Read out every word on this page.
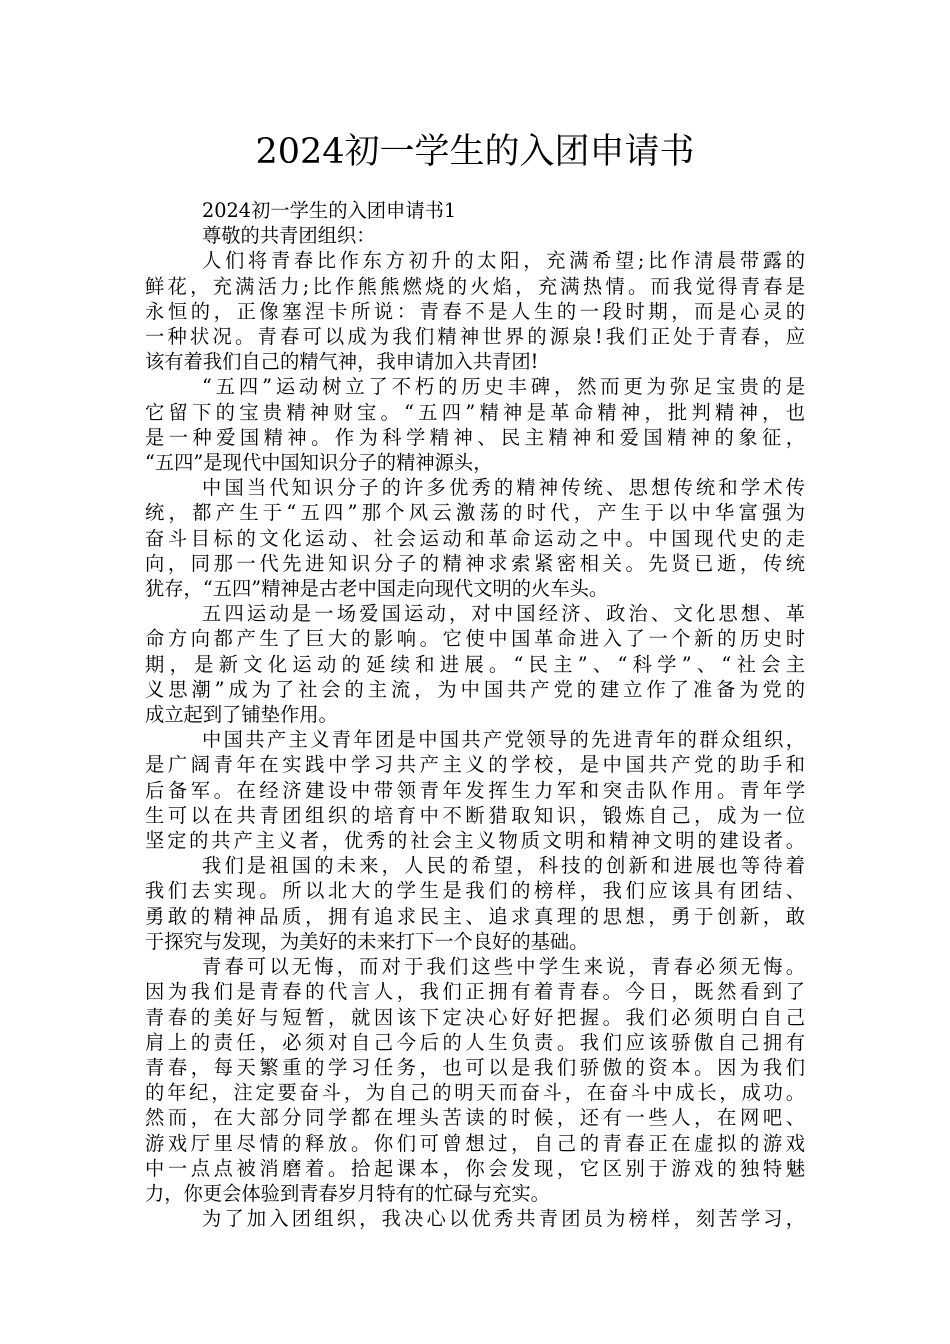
2024初一学生的入团申请书
2024初一学生的入团申请书1
尊敬的共青团组织：
人们将青春比作东方初升的太阳，充满希望;比作清晨带露的
鲜花，充满活力;比作熊熊燃烧的火焰，充满热情。而我觉得青春是
永恒的，正像塞涅卡所说：青春不是人生的一段时期，而是心灵的
一种状况。青春可以成为我们精神世界的源泉!我们正处于青春，应
该有着我们自己的精气神，我申请加入共青团!
“五四”运动树立了不朽的历史丰碑，然而更为弥足宝贵的是
它留下的宝贵精神财宝。“五四”精神是革命精神，批判精神，也
是一种爱国精神。作为科学精神、民主精神和爱国精神的象征，
“五四”是现代中国知识分子的精神源头，
中国当代知识分子的许多优秀的精神传统、思想传统和学术传
统，都产生于“五四”那个风云激荡的时代，产生于以中华富强为
奋斗目标的文化运动、社会运动和革命运动之中。中国现代史的走
向，同那一代先进知识分子的精神求索紧密相关。先贤已逝，传统
犹存，“五四”精神是古老中国走向现代文明的火车头。
五四运动是一场爱国运动，对中国经济、政治、文化思想、革
命方向都产生了巨大的影响。它使中国革命进入了一个新的历史时
期，是新文化运动的延续和进展。“民主”、“科学”、“社会主
义思潮”成为了社会的主流，为中国共产党的建立作了准备为党的
成立起到了铺垫作用。
中国共产主义青年团是中国共产党领导的先进青年的群众组织，
是广阔青年在实践中学习共产主义的学校，是中国共产党的助手和
后备军。在经济建设中带领青年发挥生力军和突击队作用。青年学
生可以在共青团组织的培育中不断猎取知识，锻炼自己，成为一位
坚定的共产主义者，优秀的社会主义物质文明和精神文明的建设者。
我们是祖国的未来，人民的希望，科技的创新和进展也等待着
我们去实现。所以北大的学生是我们的榜样，我们应该具有团结、
勇敢的精神品质，拥有追求民主、追求真理的思想，勇于创新，敢
于探究与发现，为美好的未来打下一个良好的基础。
青春可以无悔，而对于我们这些中学生来说，青春必须无悔。
因为我们是青春的代言人，我们正拥有着青春。今日，既然看到了
青春的美好与短暂，就因该下定决心好好把握。我们必须明白自己
肩上的责任，必须对自己今后的人生负责。我们应该骄傲自己拥有
青春，每天繁重的学习任务，也可以是我们骄傲的资本。因为我们
的年纪，注定要奋斗，为自己的明天而奋斗，在奋斗中成长，成功。
然而，在大部分同学都在埋头苦读的时候，还有一些人，在网吧、
游戏厅里尽情的释放。你们可曾想过，自己的青春正在虚拟的游戏
中一点点被消磨着。拾起课本，你会发现，它区别于游戏的独特魅
力，你更会体验到青春岁月特有的忙碌与充实。
为了加入团组织，我决心以优秀共青团员为榜样，刻苦学习，
